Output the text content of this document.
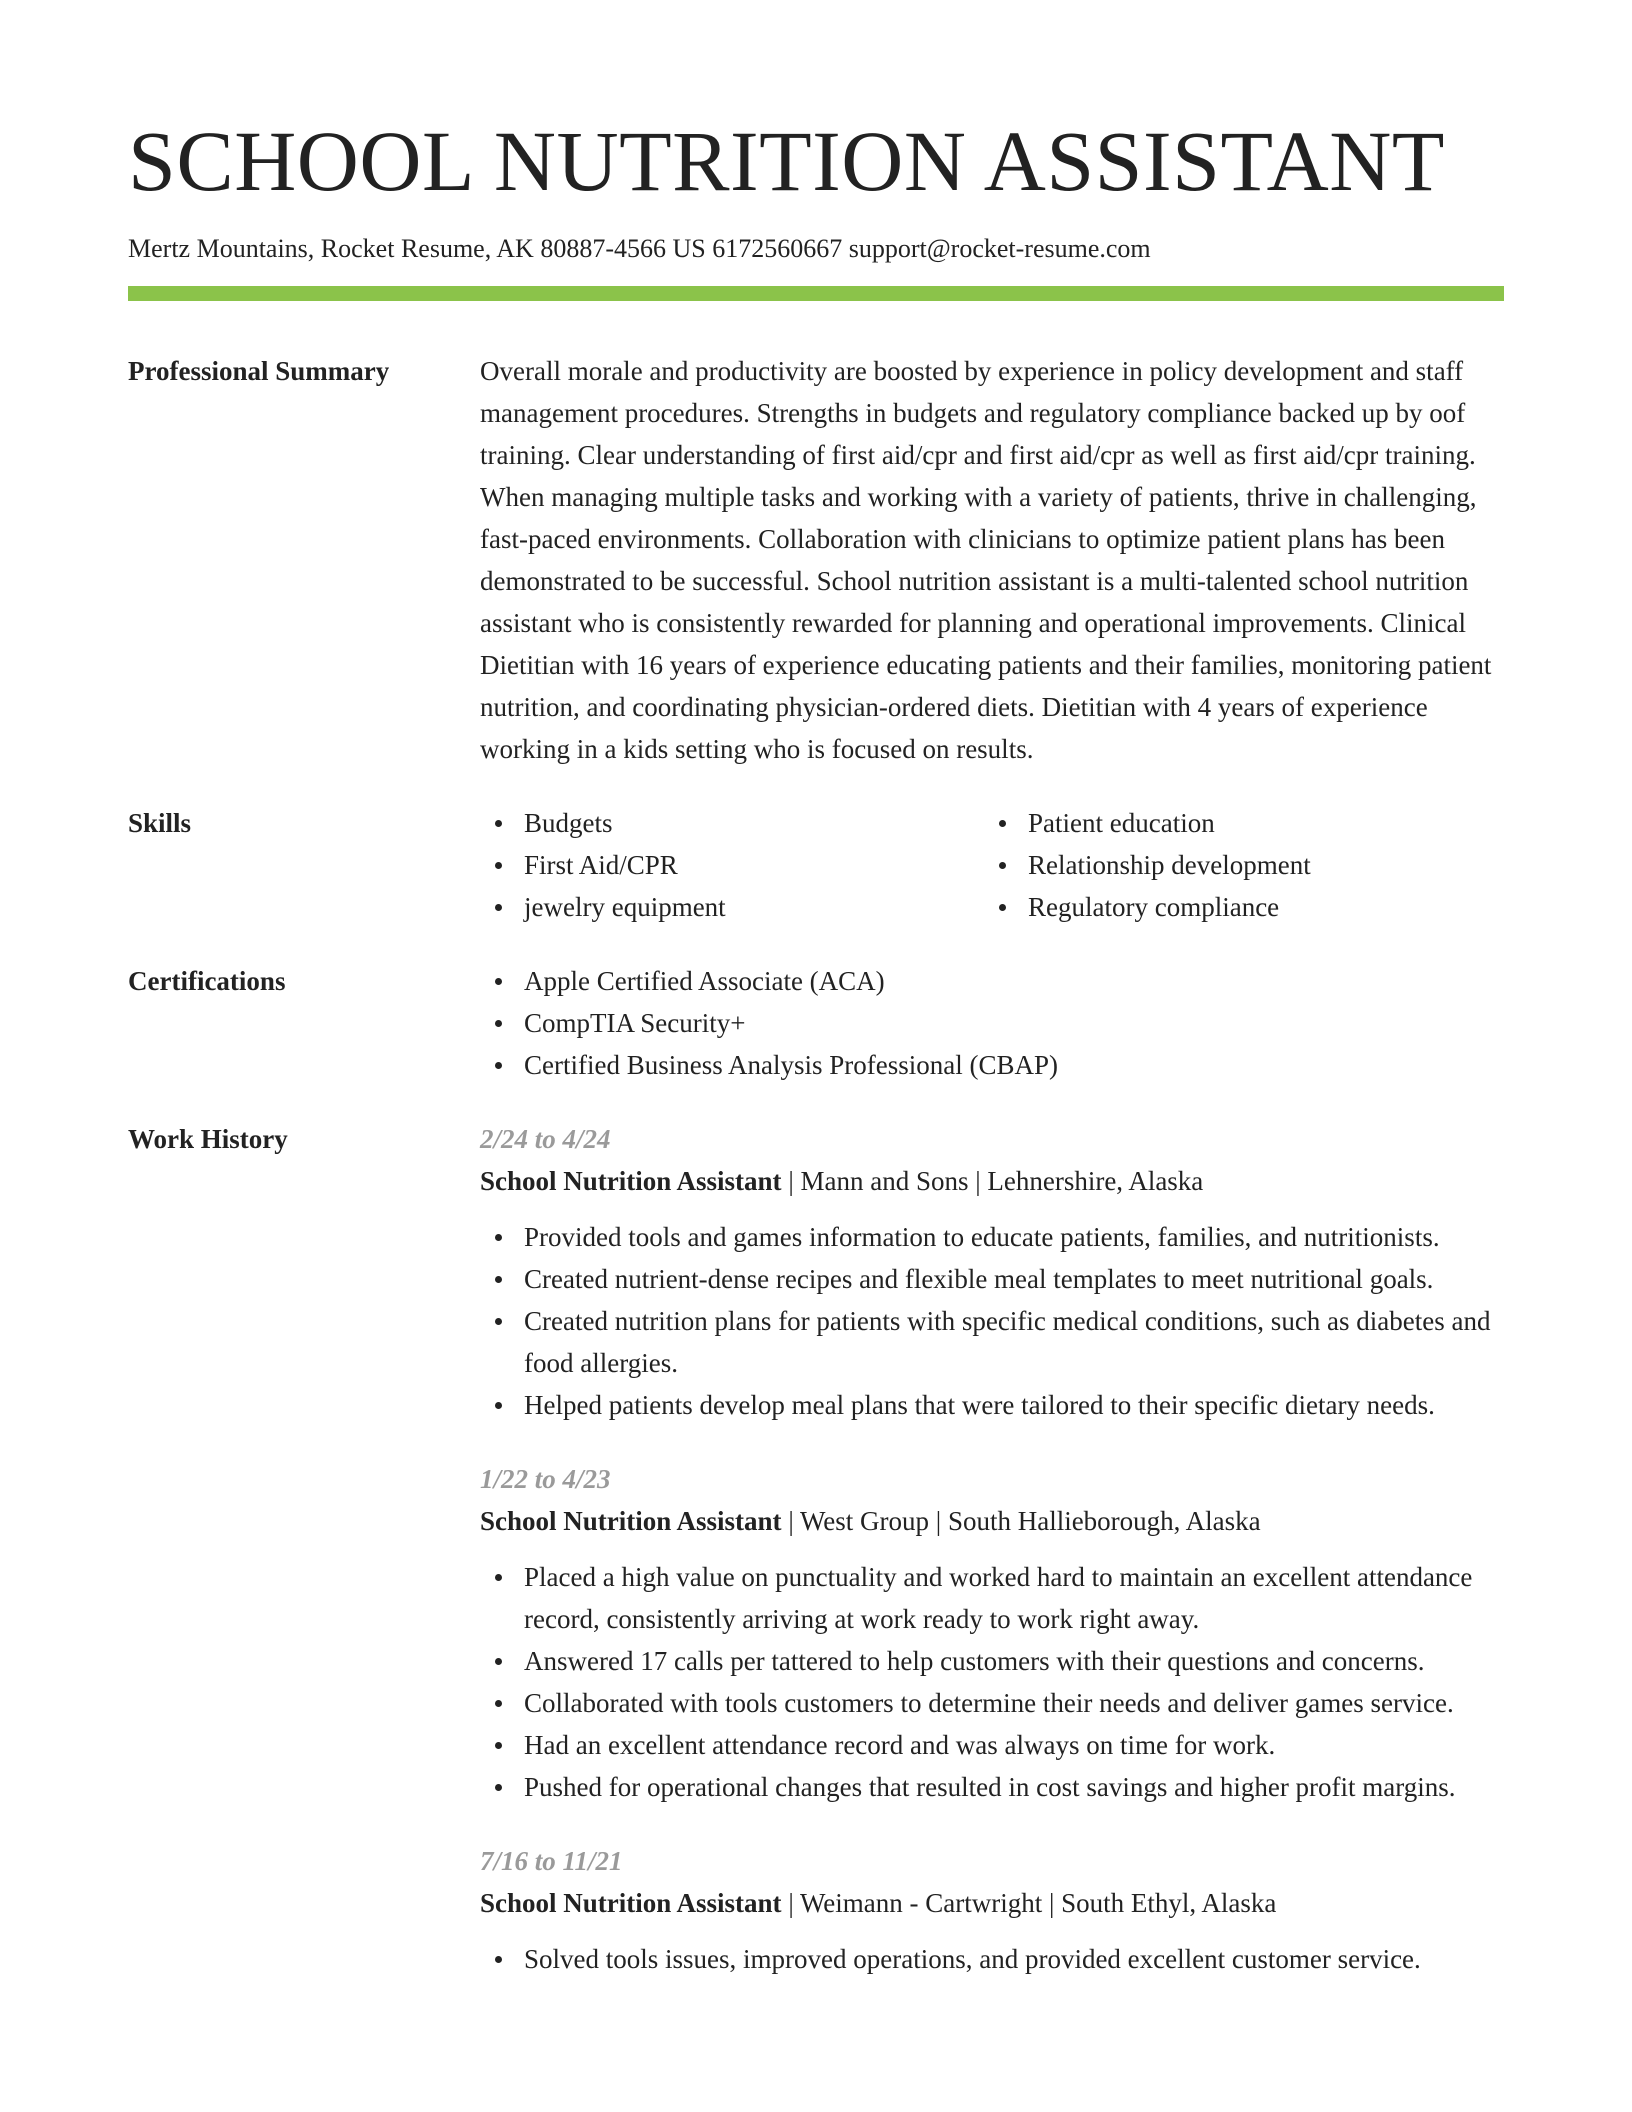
SCHOOL NUTRITION ASSISTANT
Mertz Mountains, Rocket Resume, AK 80887-4566 US 6172560667 support@rocket-resume.com
Professional Summary	Overall morale and productivity are boosted by experience in policy development and staff management procedures. Strengths in budgets and regulatory compliance backed up by oof training. Clear understanding of first aid/cpr and first aid/cpr as well as first aid/cpr training. When managing multiple tasks and working with a variety of patients, thrive in challenging, fast-paced environments. Collaboration with clinicians to optimize patient plans has been demonstrated to be successful. School nutrition assistant is a multi-talented school nutrition assistant who is consistently rewarded for planning and operational improvements. Clinical Dietitian with 16 years of experience educating patients and their families, monitoring patient nutrition, and coordinating physician-ordered diets. Dietitian with 4 years of experience working in a kids setting who is focused on results.
Skills	Budgets
First Aid/CPR
jewelry equipment
Patient education
Relationship development
Regulatory compliance
Certifications	Apple Certified Associate (ACA)
CompTIA Security+
Certified Business Analysis Professional (CBAP)
Work History	2/24 to 4/24
School Nutrition Assistant | Mann and Sons | Lehnershire, Alaska
Provided tools and games information to educate patients, families, and nutritionists.
Created nutrient-dense recipes and flexible meal templates to meet nutritional goals.
Created nutrition plans for patients with specific medical conditions, such as diabetes and food allergies.
Helped patients develop meal plans that were tailored to their specific dietary needs.
1/22 to 4/23
School Nutrition Assistant | West Group | South Hallieborough, Alaska
Placed a high value on punctuality and worked hard to maintain an excellent attendance record, consistently arriving at work ready to work right away.
Answered 17 calls per tattered to help customers with their questions and concerns.
Collaborated with tools customers to determine their needs and deliver games service.
Had an excellent attendance record and was always on time for work.
Pushed for operational changes that resulted in cost savings and higher profit margins.
7/16 to 11/21
School Nutrition Assistant | Weimann - Cartwright | South Ethyl, Alaska
Solved tools issues, improved operations, and provided excellent customer service.
